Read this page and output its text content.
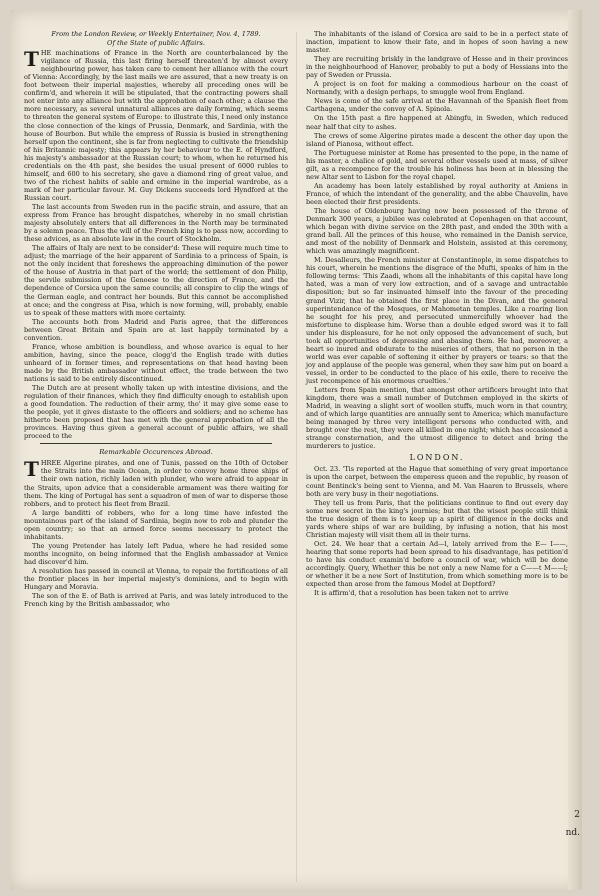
From the London Review, or Weekly Entertainer, Nov. 4, 1789.
Of the State of public Affairs.

THE machinations of France in the North are counterbalanced by the vigilance of Russia, this last firing herself threaten'd by almost every neighbouring power, has taken care to cement her alliance with the court of Vienna: Accordingly, by the last mails we are assured, that a new treaty is on foot between their imperial majesties, whereby all preceding ones will be confirm'd, and wherein it will be stipulated, that the contracting powers shall not enter into any alliance but with the approbation of each other; a clause the more necessary, as several unnatural alliances are daily forming, which seems to threaten the general system of Europe: to illustrate this, I need only instance the close connection of the kings of Prussia, Denmark, and Sardinia, with the house of Bourbon. But while the empress of Russia is busied in strengthening herself upon the continent, she is far from neglecting to cultivate the friendship of his Britannic majesty; this appears by her behaviour to the E. of Hyndford, his majesty's ambassador at the Russian court; to whom, when he returned his credentials on the 4th past, she besides the usual present of 6000 rubles to himself, and 600 to his secretary, she gave a diamond ring of great value, and two of the richest habits of sable and ermine in the imperial wardrobe, as a mark of her particular favour. M. Guy Dickens succeeds lord Hyndford at the Russian court.

The last accounts from Sweden run in the pacific strain, and assure, that an express from France has brought dispatches, whereby in no small christian majesty absolutely enters that all differences in the North may be terminated by a solemn peace. Thus the will of the French king is to pass now, according to these advices, as an absolute law in the court of Stockholm.

The affairs of Italy are next to be consider'd: These will require much time to adjust; the marriage of the heir apparent of Sardinia to a princess of Spain, is not the only incident that foreshews the approaching diminution of the power of the house of Austria in that part of the world; the settlement of don Philip, the servile submission of the Genoese to the direction of France, and the dependence of Corsica upon the same councils; all conspire to clip the wings of the German eagle, and contract her bounds. But this cannot be accomplished at once; and the congress at Pisa, which is now forming, will, probably, enable us to speak of these matters with more certainty.

The accounts both from Madrid and Paris agree, that the differences between Great Britain and Spain are at last happily terminated by a convention.

France, whose ambition is boundless, and whose avarice is equal to her ambition, having, since the peace, clogg'd the English trade with duties unheard of in former times, and representations on that head having been made by the British ambassador without effect, the trade between the two nations is said to be entirely discontinued.

The Dutch are at present wholly taken up with intestine divisions, and the regulation of their finances, which they find difficulty enough to establish upon a good foundation. The reduction of their army, tho' it may give some ease to the people, yet it gives distaste to the officers and soldiers; and no scheme has hitherto been proposed that has met with the general approbation of all the provinces. Having thus given a general account of public affairs, we shall proceed to the

Remarkable Occurences Abroad.

THREE Algerine pirates, and one of Tunis, passed on the 10th of October the Straits into the main Ocean, in order to convoy home three ships of their own nation, richly laden with plunder, who were afraid to appear in the Straits, upon advice that a considerable armament was there waiting for them. The king of Portugal has sent a squadron of men of war to disperse those robbers, and to protect his fleet from Brazil.

A large banditti of robbers, who for a long time have infested the mountainous part of the island of Sardinia, begin now to rob and plunder the open country; so that an armed force seems necessary to protect the inhabitants.

The young Pretender has lately left Padua, where he had resided some months incognito, on being informed that the English ambassador at Venice had discover'd him.

A resolution has passed in council at Vienna, to repair the fortifications of all the frontier places in her imperial majesty's dominions, and to begin with Hungary and Moravia.

The son of the E. of Bath is arrived at Paris, and was lately introduced to the French king by the British ambassador, who

The inhabitants of the island of Corsica are said to be in a perfect state of inaction, impatient to know their fate, and in hopes of soon having a new master.

They are recruiting briskly in the landgrave of Hesse and in their provinces in the neighbourhood of Hanover, probably to put a body of Hessians into the pay of Sweden or Prussia.

A project is on foot for making a commodious harbour on the coast of Normandy, with a design perhaps, to smuggle wool from England.

News is come of the safe arrival at the Havannah of the Spanish fleet from Carthagena, under the convoy of A. Spinola.

On the 15th past a fire happened at Abingfu, in Sweden, which reduced near half that city to ashes.

The crews of some Algerine pirates made a descent the other day upon the island of Pianosa, without effect.

The Portuguese minister at Rome has presented to the pope, in the name of his master, a chalice of gold, and several other vessels used at mass, of silver gilt, as a recompence for the trouble his holiness has been at in blessing the new Altar sent to Lisbon for the royal chapel.

An academy has been lately established by royal authority at Amiens in France, of which the intendant of the generality, and the abbe Chauvelin, have been elected their first presidents.

The house of Oldenbourg having now been possessed of the throne of Denmark 300 years, a jubilee was celebrated at Copenhagen on that account, which began with divine service on the 28th past, and ended the 30th with a grand ball. All the princes of this house, who remained in the Danish service, and most of the nobility of Denmark and Holstein, assisted at this ceremony, which was amazingly magnificent.

M. Desalleurs, the French minister at Constantinople, in some dispatches to his court, wherein he mentions the disgrace of the Mufti, speaks of him in the following terms: 'This Zaadi, whom all the inhabitants of this capital have long hated, was a man of very low extraction, and of a savage and untractable disposition; but so far insinuated himself into the favour of the preceding grand Vizir, that he obtained the first place in the Divan, and the general superintendance of the Mosques, or Mahometan temples. Like a roaring lion he sought for his prey, and persecuted unmercifully whoever had the misfortune to displease him. Worse than a double edged sword was it to fall under his displeasure, for he not only opposed the advancement of such, but took all opportunities of depressing and abasing them. He had, moreover, a heart so inured and obdurate to the miseries of others, that no person in the world was ever capable of softening it either by prayers or tears: so that the joy and applause of the people was general, when they saw him put on board a vessel, in order to be conducted to the place of his exile, there to receive the just recompence of his enormous cruelties.'

Letters from Spain mention, that amongst other artificers brought into that kingdom, there was a small number of Dutchmen employed in the skirts of Madrid, in weaving a slight sort of woollen stuffs, much worn in that country, and of which large quantities are annually sent to America; which manufacture being managed by three very intelligent persons who conducted with, and brought over the rest, they were all killed in one night; which has occasioned a strange consternation, and the utmost diligence to detect and bring the murderers to justice.

LONDON.

Oct. 23. 'Tis reported at the Hague that something of very great importance is upon the carpet, between the emperess queen and the republic, by reason of count Bentinck's being sent to Vienna, and M. Van Haaren to Brussels, where both are very busy in their negotiations.

They tell us from Paris, that the politicians continue to find out every day some new secret in the king's journies; but that the wisest people still think the true design of them is to keep up a spirit of diligence in the docks and yards where ships of war are building, by infusing a notion, that his most Christian majesty will visit them all in their turns.

Oct. 24. We hear that a certain Ad—l, lately arrived from the E— I——, hearing that some reports had been spread to his disadvantage, has petition'd to have his conduct examin'd before a council of war, which will be done accordingly. Query, Whether this be not only a new Name for a C——t M——l; or whether it be a new Sort of Institution, from which something more is to be expected than arose from the famous Model at Deptford?

It is affirm'd, that a resolution has been taken not to arrive

2
nd.
